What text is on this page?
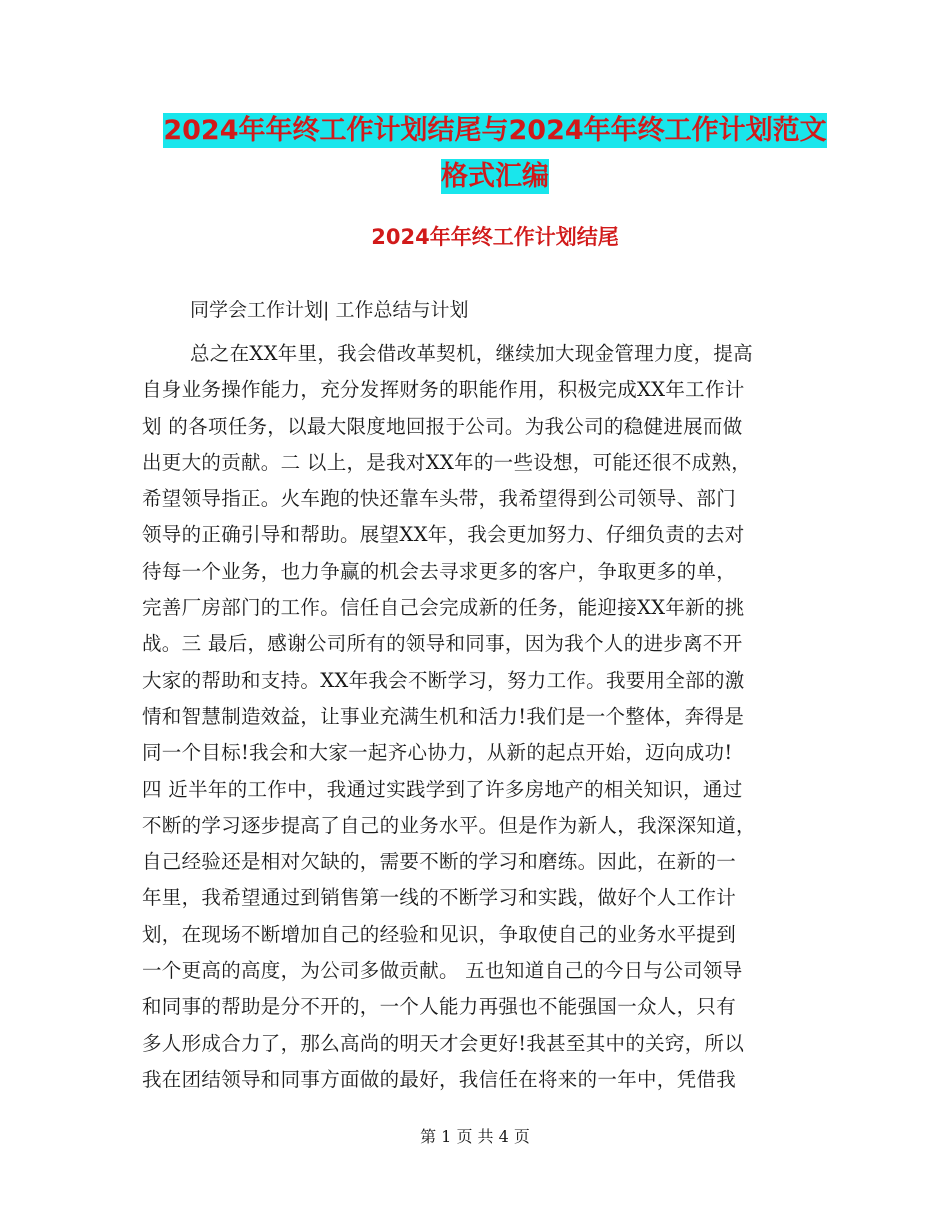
2024年年终工作计划结尾与2024年年终工作计划范文
格式汇编
2024年年终工作计划结尾
同学会工作计划| 工作总结与计划
总之在XX年里，我会借改革契机，继续加大现金管理力度，提高
自身业务操作能力，充分发挥财务的职能作用，积极完成XX年工作计
划 的各项任务，以最大限度地回报于公司。为我公司的稳健进展而做
出更大的贡献。二 以上，是我对XX年的一些设想，可能还很不成熟，
希望领导指正。火车跑的快还靠车头带，我希望得到公司领导、部门
领导的正确引导和帮助。展望XX年，我会更加努力、仔细负责的去对
待每一个业务，也力争赢的机会去寻求更多的客户，争取更多的单，
完善厂房部门的工作。信任自己会完成新的任务，能迎接XX年新的挑
战。三 最后，感谢公司所有的领导和同事，因为我个人的进步离不开
大家的帮助和支持。XX年我会不断学习，努力工作。我要用全部的激
情和智慧制造效益，让事业充满生机和活力!我们是一个整体，奔得是
同一个目标!我会和大家一起齐心协力，从新的起点开始，迈向成功!
四 近半年的工作中，我通过实践学到了许多房地产的相关知识，通过
不断的学习逐步提高了自己的业务水平。但是作为新人，我深深知道，
自己经验还是相对欠缺的，需要不断的学习和磨练。因此，在新的一
年里，我希望通过到销售第一线的不断学习和实践，做好个人工作计
划，在现场不断增加自己的经验和见识，争取使自己的业务水平提到
一个更高的高度，为公司多做贡献。 五也知道自己的今日与公司领导
和同事的帮助是分不开的，一个人能力再强也不能强国一众人，只有
多人形成合力了，那么高尚的明天才会更好!我甚至其中的关窍，所以
我在团结领导和同事方面做的最好，我信任在将来的一年中，凭借我
第 1 页 共 4 页
